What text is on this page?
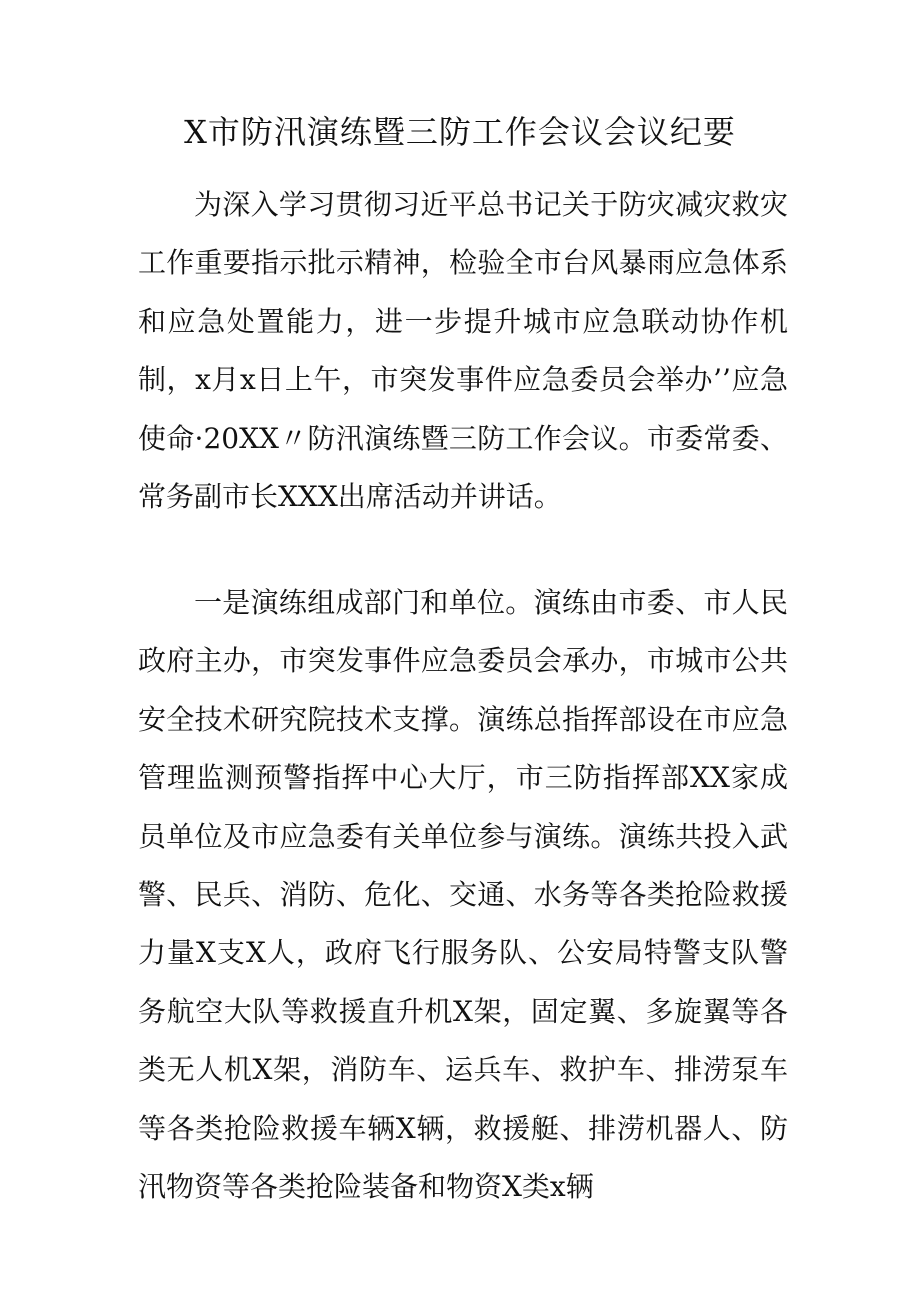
X市防汛演练暨三防工作会议会议纪要

为深入学习贯彻习近平总书记关于防灾减灾救灾工作重要指示批示精神，检验全市台风暴雨应急体系和应急处置能力，进一步提升城市应急联动协作机制，x月x日上午，市突发事件应急委员会举办’’应急使命·20XX〃防汛演练暨三防工作会议。市委常委、常务副市长XXX出席活动并讲话。

一是演练组成部门和单位。演练由市委、市人民政府主办，市突发事件应急委员会承办，市城市公共安全技术研究院技术支撑。演练总指挥部设在市应急管理监测预警指挥中心大厅，市三防指挥部XX家成员单位及市应急委有关单位参与演练。演练共投入武警、民兵、消防、危化、交通、水务等各类抢险救援力量X支X人，政府飞行服务队、公安局特警支队警务航空大队等救援直升机X架，固定翼、多旋翼等各类无人机X架，消防车、运兵车、救护车、排涝泵车等各类抢险救援车辆X辆，救援艇、排涝机器人、防汛物资等各类抢险装备和物资X类x辆
